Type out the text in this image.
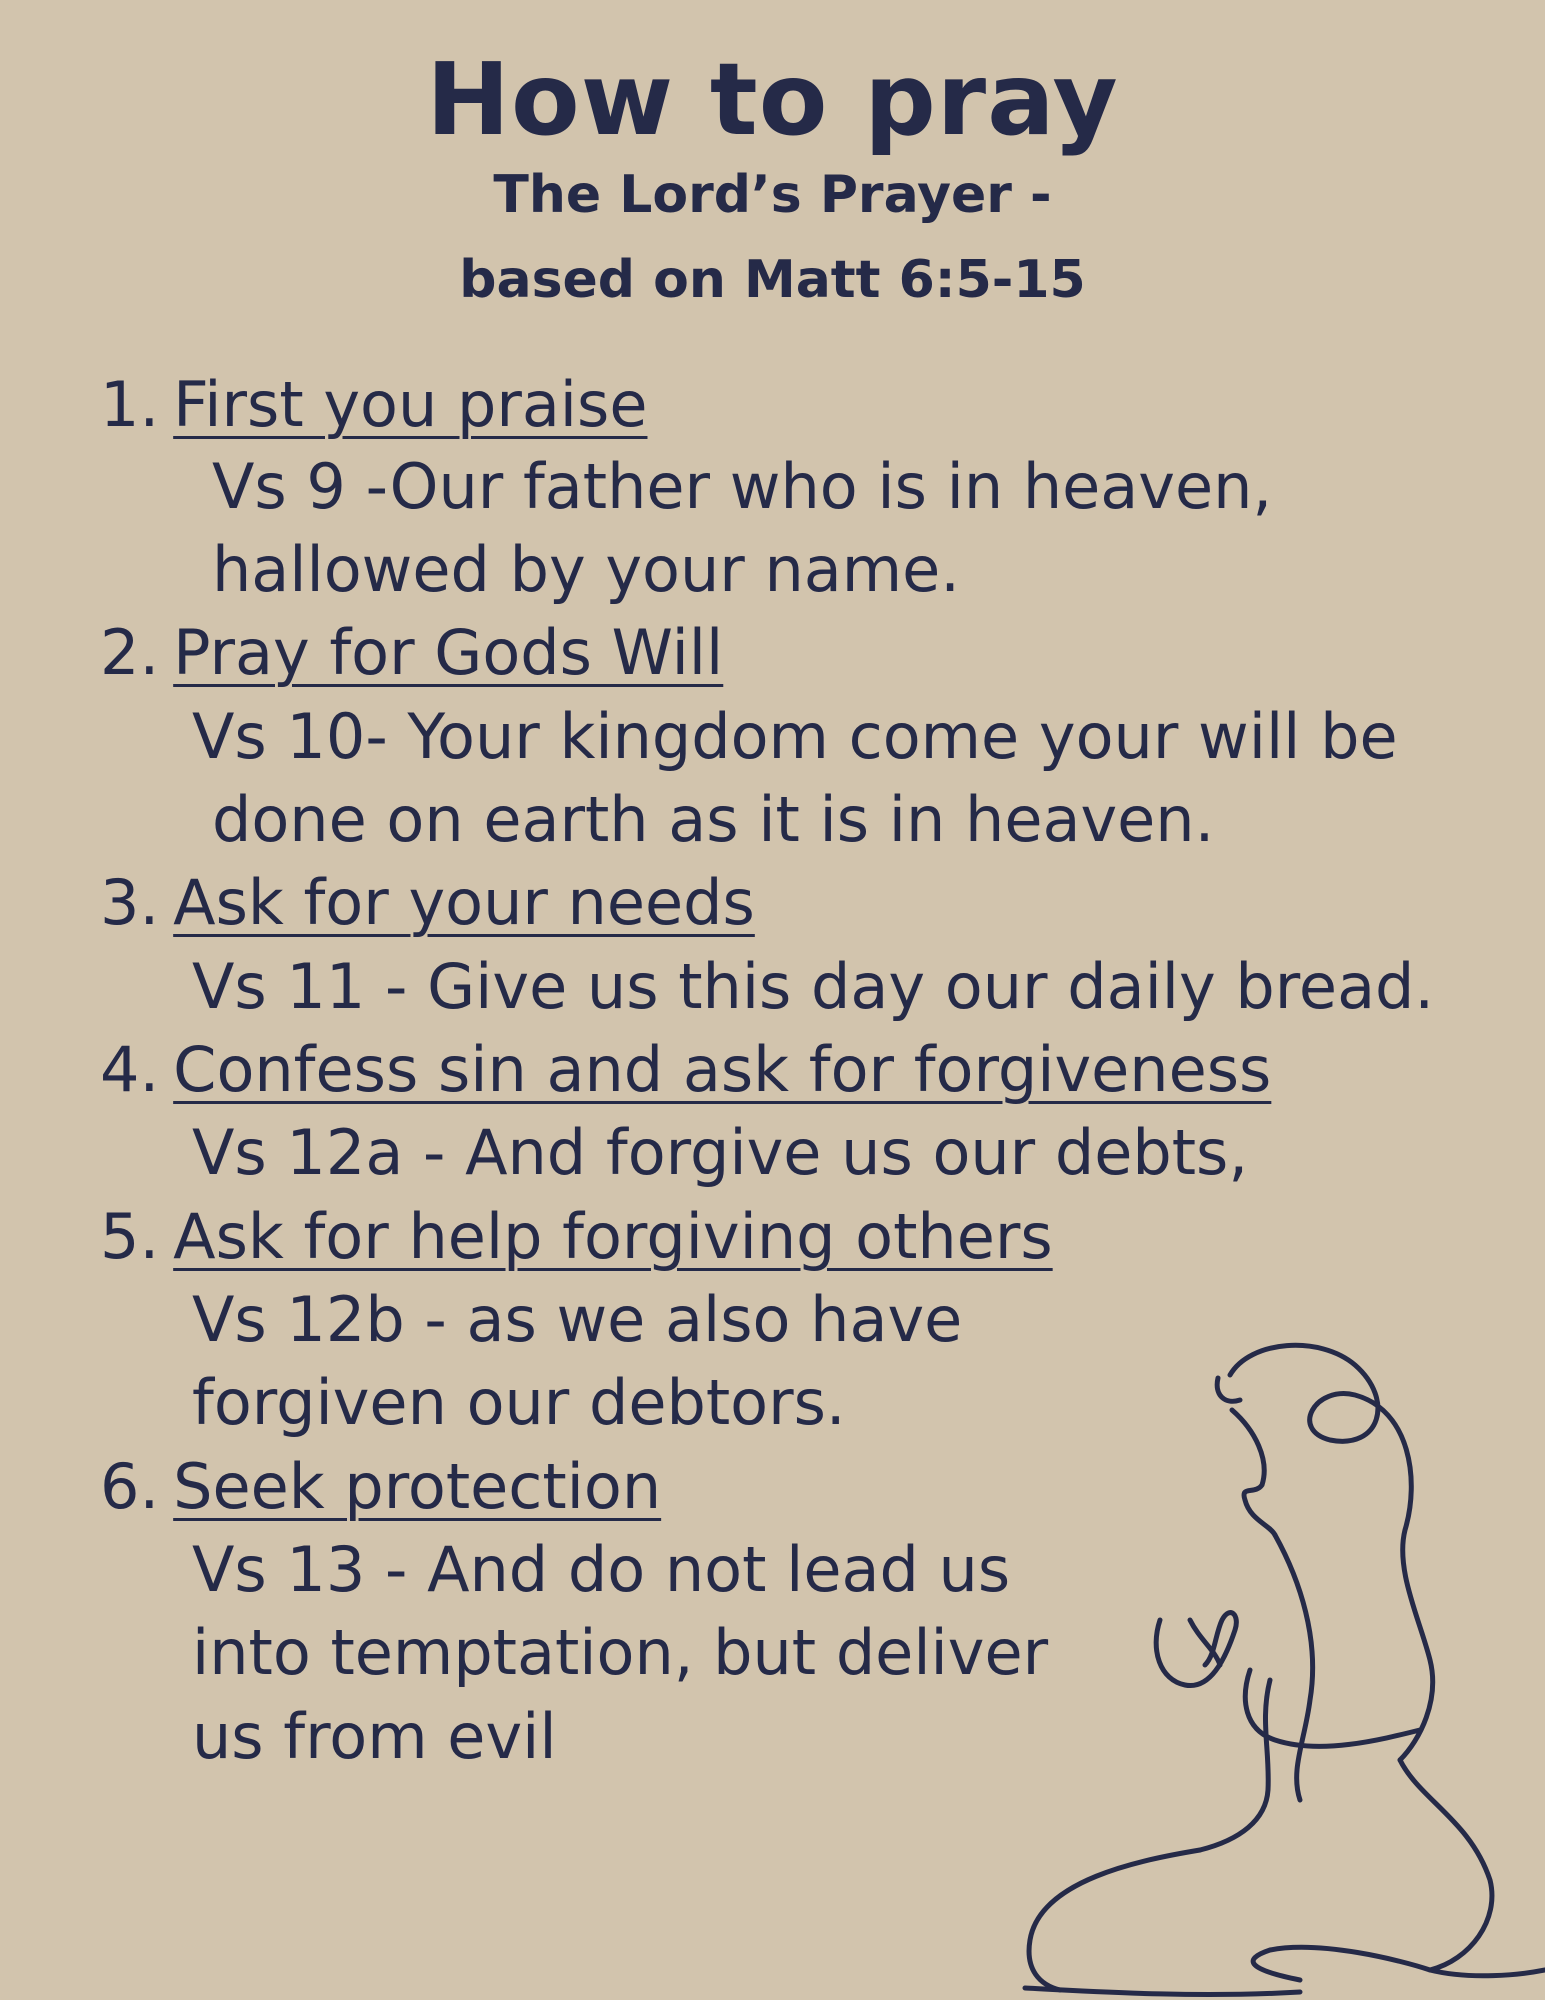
How to pray
The Lord’s Prayer -
based on Matt 6:5-15
1. First you praise
Vs 9 -Our father who is in heaven,
hallowed by your name.
2. Pray for Gods Will
Vs 10- Your kingdom come your will be
done on earth as it is in heaven.
3. Ask for your needs
Vs 11 - Give us this day our daily bread.
4. Confess sin and ask for forgiveness
Vs 12a - And forgive us our debts,
5. Ask for help forgiving others
Vs 12b - as we also have
forgiven our debtors.
6. Seek protection
Vs 13 - And do not lead us
into temptation, but deliver
us from evil
